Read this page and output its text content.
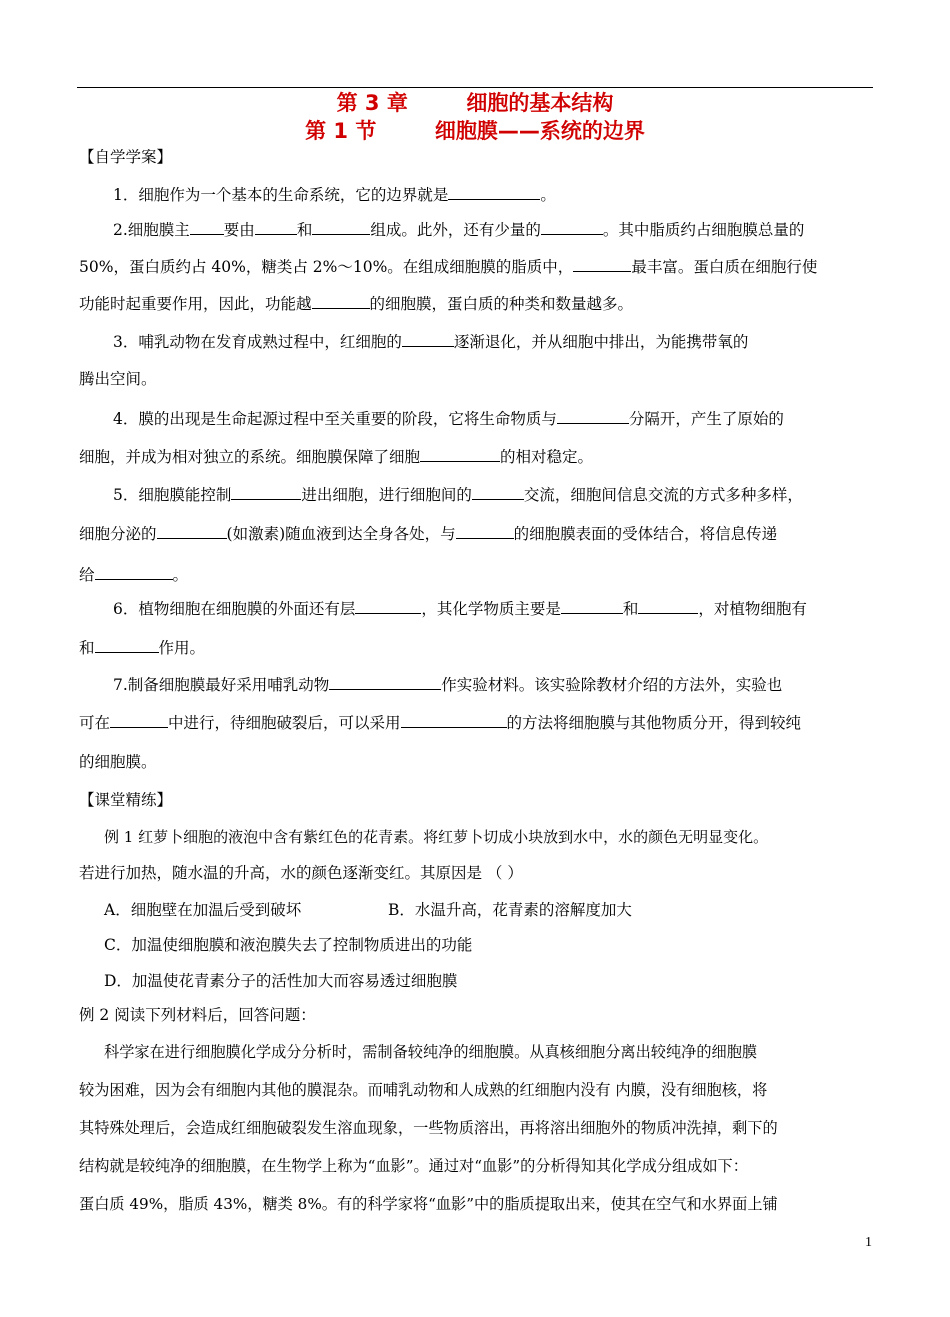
第 3 章        细胞的基本结构
第 1 节        细胞膜——系统的边界
【自学学案】
1．细胞作为一个基本的生命系统，它的边界就是	。
2.细胞膜主 要由	和	组成。此外，还有少量的	。其中脂质约占细胞膜总量的
50%，蛋白质约占 40%，糖类占 2%～10%。在组成细胞膜的脂质中，	最丰富。蛋白质在细胞行使
功能时起重要作用，因此，功能越	的细胞膜，蛋白质的种类和数量越多。
3．哺乳动物在发育成熟过程中，红细胞的	逐渐退化，并从细胞中排出，为能携带氧的
腾出空间。
4．膜的出现是生命起源过程中至关重要的阶段，它将生命物质与	分隔开，产生了原始的
细胞，并成为相对独立的系统。细胞膜保障了细胞	的相对稳定。
5．细胞膜能控制	进出细胞，进行细胞间的	交流，细胞间信息交流的方式多种多样，
细胞分泌的	(如激素)随血液到达全身各处，与	的细胞膜表面的受体结合，将信息传递
给	。
6．植物细胞在细胞膜的外面还有层	，其化学物质主要是	和	，对植物细胞有
和	作用。
7.制备细胞膜最好采用哺乳动物	作实验材料。该实验除教材介绍的方法外，实验也
可在	中进行，待细胞破裂后，可以采用	的方法将细胞膜与其他物质分开，得到较纯
的细胞膜。
【课堂精练】
例 1 红萝卜细胞的液泡中含有紫红色的花青素。将红萝卜切成小块放到水中，水的颜色无明显变化。
若进行加热，随水温的升高，水的颜色逐渐变红。其原因是 （ ）
A．细胞壁在加温后受到破坏	B．水温升高，花青素的溶解度加大
C．加温使细胞膜和液泡膜失去了控制物质进出的功能
D．加温使花青素分子的活性加大而容易透过细胞膜
例 2 阅读下列材料后，回答问题：
科学家在进行细胞膜化学成分分析时，需制备较纯净的细胞膜。从真核细胞分离出较纯净的细胞膜
较为困难，因为会有细胞内其他的膜混杂。而哺乳动物和人成熟的红细胞内没有 内膜，没有细胞核，将
其特殊处理后，会造成红细胞破裂发生溶血现象，一些物质溶出，再将溶出细胞外的物质冲洗掉，剩下的
结构就是较纯净的细胞膜，在生物学上称为“血影”。通过对“血影”的分析得知其化学成分组成如下：
蛋白质 49%，脂质 43%，糖类 8%。有的科学家将“血影”中的脂质提取出来，使其在空气和水界面上铺
1
